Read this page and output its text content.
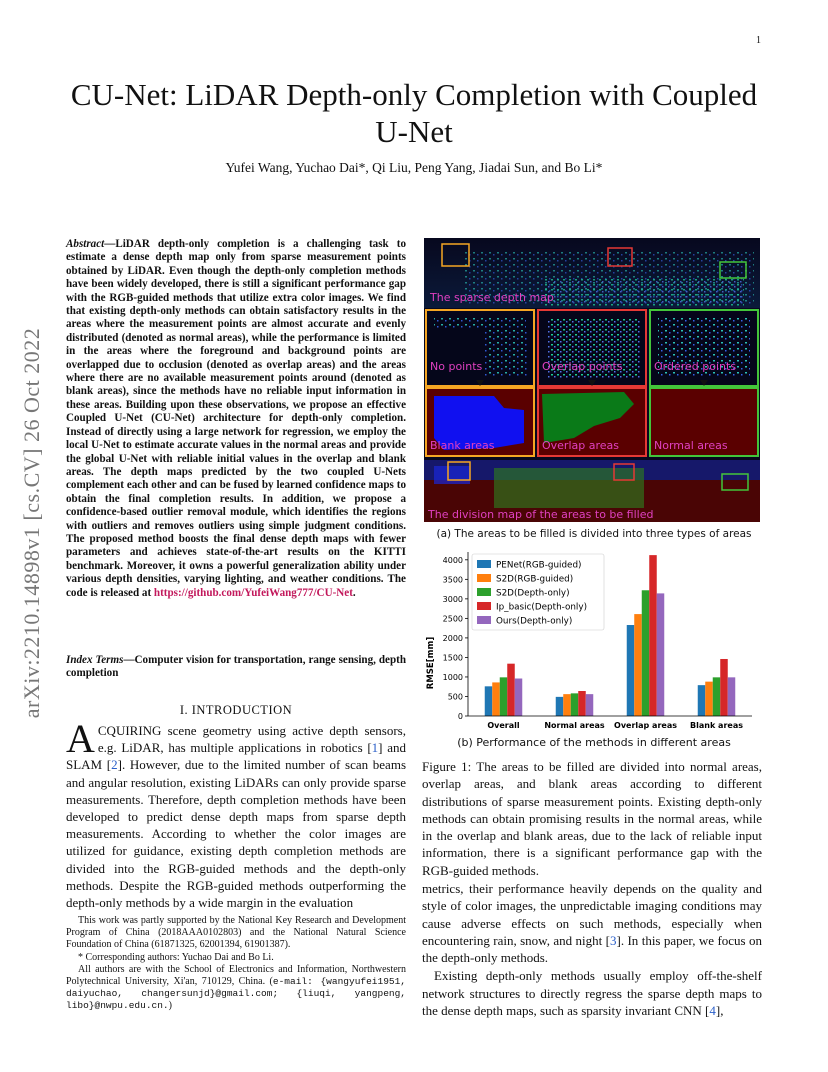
1
arXiv:2210.14898v1 [cs.CV] 26 Oct 2022
CU-Net: LiDAR Depth-only Completion with Coupled U-Net
Yufei Wang, Yuchao Dai*, Qi Liu, Peng Yang, Jiadai Sun, and Bo Li*
Abstract—LiDAR depth-only completion is a challenging task to estimate a dense depth map only from sparse measurement points obtained by LiDAR. Even though the depth-only completion methods have been widely developed, there is still a significant performance gap with the RGB-guided methods that utilize extra color images. We find that existing depth-only methods can obtain satisfactory results in the areas where the measurement points are almost accurate and evenly distributed (denoted as normal areas), while the performance is limited in the areas where the foreground and background points are overlapped due to occlusion (denoted as overlap areas) and the areas where there are no available measurement points around (denoted as blank areas), since the methods have no reliable input information in these areas. Building upon these observations, we propose an effective Coupled U-Net (CU-Net) architecture for depth-only completion. Instead of directly using a large network for regression, we employ the local U-Net to estimate accurate values in the normal areas and provide the global U-Net with reliable initial values in the overlap and blank areas. The depth maps predicted by the two coupled U-Nets complement each other and can be fused by learned confidence maps to obtain the final completion results. In addition, we propose a confidence-based outlier removal module, which identifies the regions with outliers and removes outliers using simple judgment conditions. The proposed method boosts the final dense depth maps with fewer parameters and achieves state-of-the-art results on the KITTI benchmark. Moreover, it owns a powerful generalization ability under various depth densities, varying lighting, and weather conditions. The code is released at https://github.com/YufeiWang777/CU-Net.
Index Terms—Computer vision for transportation, range sensing, depth completion
I. INTRODUCTION
ACQUIRING scene geometry using active depth sensors, e.g. LiDAR, has multiple applications in robotics [1] and SLAM [2]. However, due to the limited number of scan beams and angular resolution, existing LiDARs can only provide sparse measurements. Therefore, depth completion methods have been developed to predict dense depth maps from sparse depth measurements. According to whether the color images are utilized for guidance, existing depth completion methods are divided into the RGB-guided methods and the depth-only methods. Despite the RGB-guided methods outperforming the depth-only methods by a wide margin in the evaluation

This work was partly supported by the National Key Research and Development Program of China (2018AAA0102803) and the National Natural Science Foundation of China (61871325, 62001394, 61901387).

* Corresponding authors: Yuchao Dai and Bo Li.

All authors are with the School of Electronics and Information, Northwestern Polytechnical University, Xi'an, 710129, China. (e-mail: {wangyufei1951, daiyuchao, changersunjd}@gmail.com; {liuqi, yangpeng, libo}@nwpu.edu.cn.)

The sparse depth map
No points	Overlap points	Ordered points
Blank areas	Overlap areas	Normal areas
The division map of the areas to be filled
(a) The areas to be filled is divided into three types of areas
0
500
1000
1500
2000
2500
3000
3500
4000
Overall	Normal areas Overlap areas Blank areas
PENet(RGB-guided)
S2D(RGB-guided)
S2D(Depth-only)
Ip_basic(Depth-only)
Ours(Depth-only)
RMSE[mm]
(b) Performance of the methods in different areas
Figure 1: The areas to be filled are divided into normal areas, overlap areas, and blank areas according to different distributions of sparse measurement points. Existing depth-only methods can obtain promising results in the normal areas, while in the overlap and blank areas, due to the lack of reliable input information, there is a significant performance gap with the RGB-guided methods.

metrics, their performance heavily depends on the quality and style of color images, the unpredictable imaging conditions may cause adverse effects on such methods, especially when encountering rain, snow, and night [3]. In this paper, we focus on the depth-only methods.

Existing depth-only methods usually employ off-the-shelf network structures to directly regress the sparse depth maps to the dense depth maps, such as sparsity invariant CNN [4],
